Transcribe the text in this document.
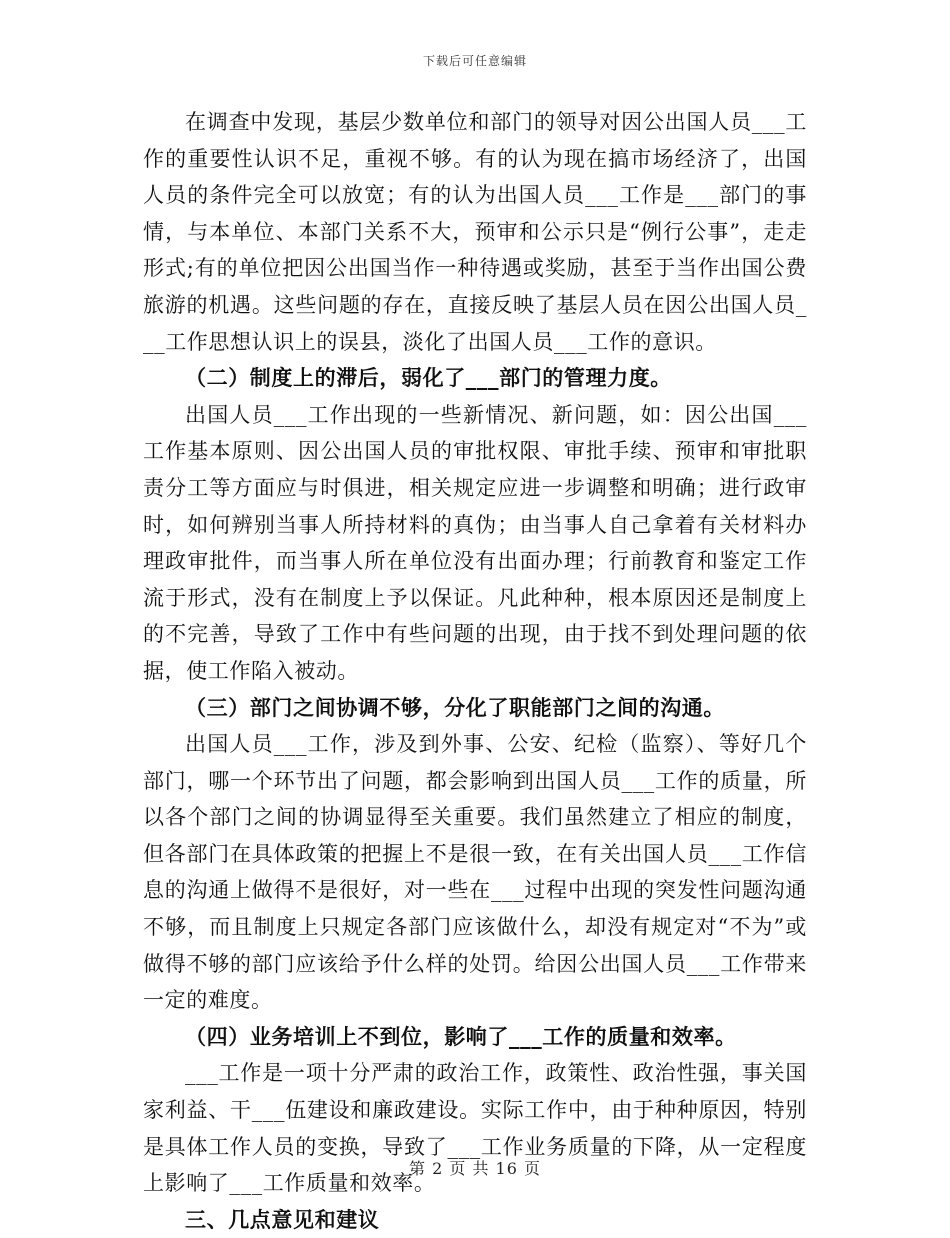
下载后可任意编辑

在调查中发现，基层少数单位和部门的领导对因公出国人员___工作的重要性认识不足，重视不够。有的认为现在搞市场经济了，出国人员的条件完全可以放宽；有的认为出国人员___工作是___部门的事情，与本单位、本部门关系不大，预审和公示只是“例行公事”，走走形式;有的单位把因公出国当作一种待遇或奖励，甚至于当作出国公费旅游的机遇。这些问题的存在，直接反映了基层人员在因公出国人员___工作思想认识上的误县，淡化了出国人员___工作的意识。

（二）制度上的滞后，弱化了___部门的管理力度。

出国人员___工作出现的一些新情况、新问题，如：因公出国___工作基本原则、因公出国人员的审批权限、审批手续、预审和审批职责分工等方面应与时俱进，相关规定应进一步调整和明确；进行政审时，如何辨别当事人所持材料的真伪；由当事人自己拿着有关材料办理政审批件，而当事人所在单位没有出面办理；行前教育和鉴定工作流于形式，没有在制度上予以保证。凡此种种，根本原因还是制度上的不完善，导致了工作中有些问题的出现，由于找不到处理问题的依据，使工作陷入被动。

（三）部门之间协调不够，分化了职能部门之间的沟通。

出国人员___工作，涉及到外事、公安、纪检（监察）、等好几个部门，哪一个环节出了问题，都会影响到出国人员___工作的质量，所以各个部门之间的协调显得至关重要。我们虽然建立了相应的制度，但各部门在具体政策的把握上不是很一致，在有关出国人员___工作信息的沟通上做得不是很好，对一些在___过程中出现的突发性问题沟通不够，而且制度上只规定各部门应该做什么，却没有规定对“不为”或做得不够的部门应该给予什么样的处罚。给因公出国人员___工作带来一定的难度。

（四）业务培训上不到位，影响了___工作的质量和效率。

___工作是一项十分严肃的政治工作，政策性、政治性强，事关国家利益、干___伍建设和廉政建设。实际工作中，由于种种原因，特别是具体工作人员的变换，导致了___工作业务质量的下降，从一定程度上影响了___工作质量和效率。

三、几点意见和建议

第 2 页 共 16 页
